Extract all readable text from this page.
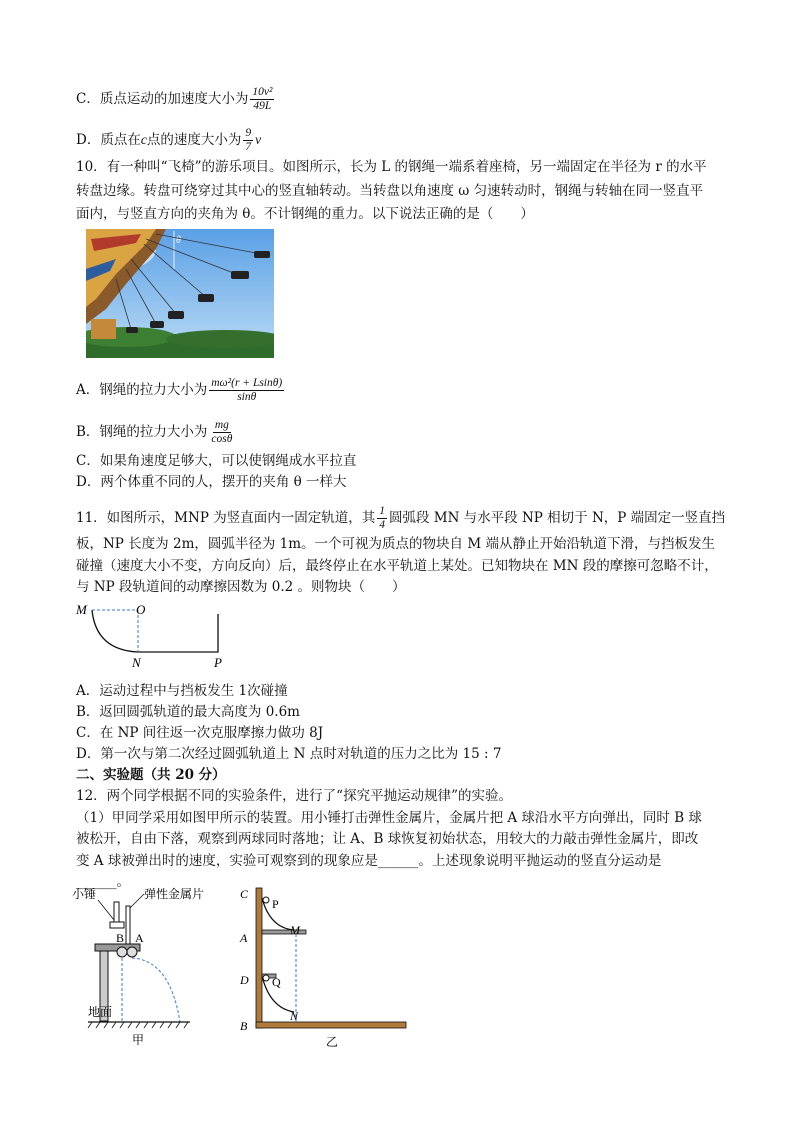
C．质点运动的加速度大小为 $\frac{\text{10v²}}{49L}$
D．质点在c点的速度大小为 $\frac{9}{7}$ v
10．有一种叫“飞椅”的游乐项目。如图所示，长为 L 的钢绳一端系着座椅，另一端固定在半径为 r 的水平
转盘边缘。转盘可绕穿过其中心的竖直轴转动。当转盘以角速度 ω 匀速转动时，钢绳与转轴在同一竖直平
面内，与竖直方向的夹角为 θ。不计钢绳的重力。以下说法正确的是（　　）
θ
A．钢绳的拉力大小为 $\frac{\text{mω²(r + Lsinθ)}}{\sin\theta}$
B．钢绳的拉力大小为 $\frac{mg}{\cos\theta}$
C．如果角速度足够大，可以使钢绳成水平拉直
D．两个体重不同的人，摆开的夹角 θ 一样大
11．如图所示，MNP 为竖直面内一固定轨道，其 $\frac{1}{4}$ 圆弧段 MN 与水平段 NP 相切于 N，P 端固定一竖直挡
板，NP 长度为 2m，圆弧半径为 1m。一个可视为质点的物块自 M 端从静止开始沿轨道下滑，与挡板发生
碰撞（速度大小不变，方向反向）后，最终停止在水平轨道上某处。已知物块在 MN 段的摩擦可忽略不计，
与 NP 段轨道间的动摩擦因数为 0.2 。则物块（　　）
M	O
N	P
A．运动过程中与挡板发生 1次碰撞
B．返回圆弧轨道的最大高度为 0.6m
C．在 NP 间往返一次克服摩擦力做功 8J
D．第一次与第二次经过圆弧轨道上 N 点时对轨道的压力之比为 15 : 7
二、实验题（共 20 分）
12．两个同学根据不同的实验条件，进行了“探究平抛运动规律”的实验。
（1）甲同学采用如图甲所示的装置。用小锤打击弹性金属片，金属片把 A 球沿水平方向弹出，同时 B 球
被松开，自由下落，观察到两球同时落地；让 A、B 球恢复初始状态，用较大的力敲击弹性金属片，即改
变 A 球被弹出时的速度，实验可观察到的现象应是______。上述现象说明平抛运动的竖直分运动是
______。
小锤	弹性金属片
B A
地面
甲
C
A
D
B
P
M
Q
N
乙
